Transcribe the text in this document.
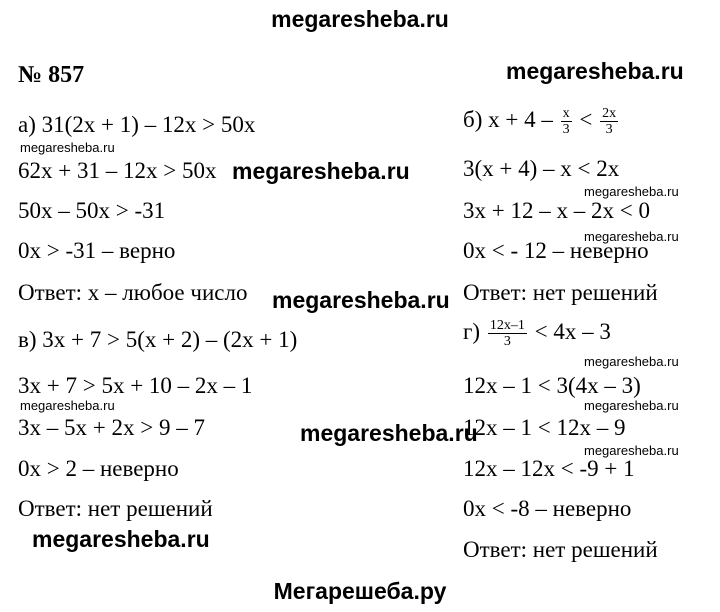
megaresheba.ru
№ 857	megaresheba.ru
megaresheba.ru
megaresheba.ru
megaresheba.ru
megaresheba.ru
megaresheba.ru
megaresheba.ru
megaresheba.ru	megaresheba.ru
megaresheba.ru
megaresheba.ru
megaresheba.ru
а) 31(2x + 1) – 12x > 50x
62x + 31 – 12x > 50x
50x – 50x > -31
0x > -31 – верно
Ответ: x – любое число
в) 3x + 7 > 5(x + 2) – (2x + 1)
3x + 7 > 5x + 10 – 2x – 1
3x – 5x + 2x > 9 – 7
0x > 2 – неверно
Ответ: нет решений
б) $x + 4 - \frac{x}{3} < \frac{2x}{3}$
3(x + 4) – x < 2x
3x + 12 – x – 2x < 0
0x < - 12 – неверно
Ответ: нет решений
$г) \frac{12x-1}{3} < 4x - 3$
12x – 1 < 3(4x – 3)
12x – 1 < 12x – 9
12x – 12x < -9 + 1
0x < -8 – неверно
Ответ: нет решений
Мегарешеба.ру
